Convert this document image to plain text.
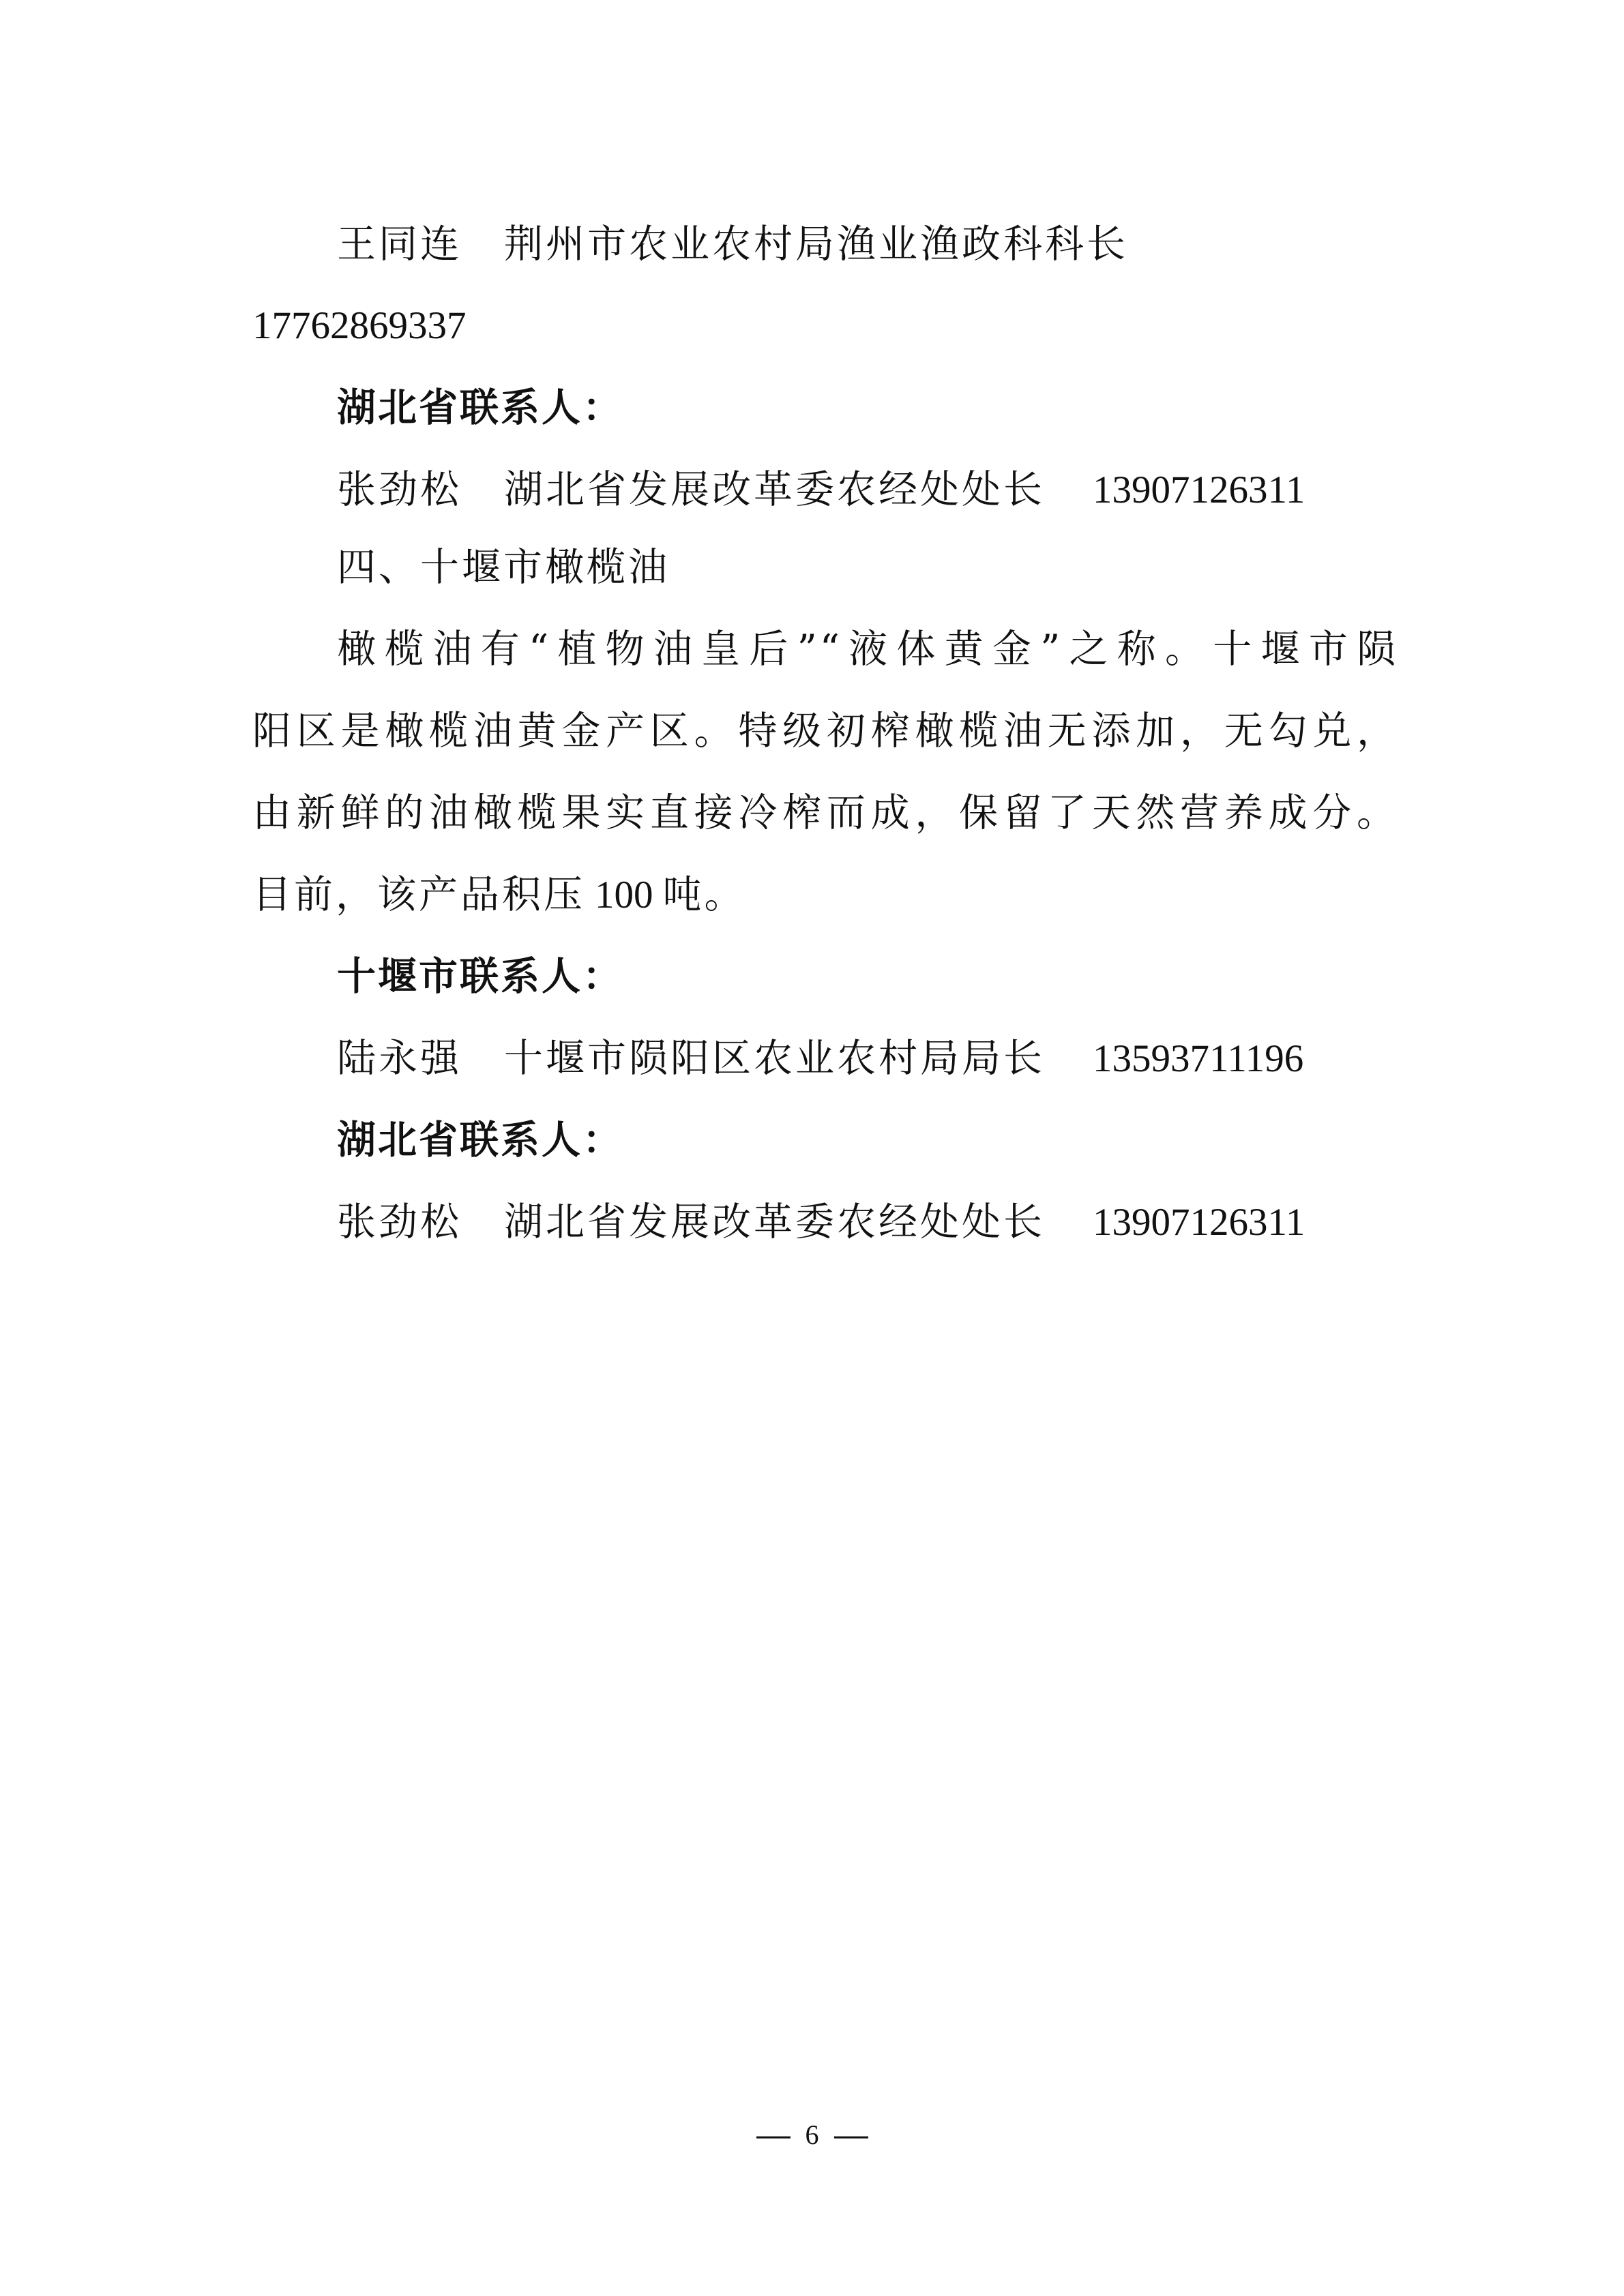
王同连 荆州市农业农村局渔业渔政科科长
17762869337
湖北省联系人：
张劲松 湖北省发展改革委农经处处长 13907126311
四、十堰市橄榄油
橄榄油有“植物油皇后”“液体黄金”之称。十堰市陨
阳区是橄榄油黄金产区。特级初榨橄榄油无添加，无勾兑，
由新鲜的油橄榄果实直接冷榨而成，保留了天然营养成分。
目前，该产品积压 100 吨。
十堰市联系人：
陆永强 十堰市陨阳区农业农村局局长 13593711196
湖北省联系人：
张劲松 湖北省发展改革委农经处处长 13907126311
6
